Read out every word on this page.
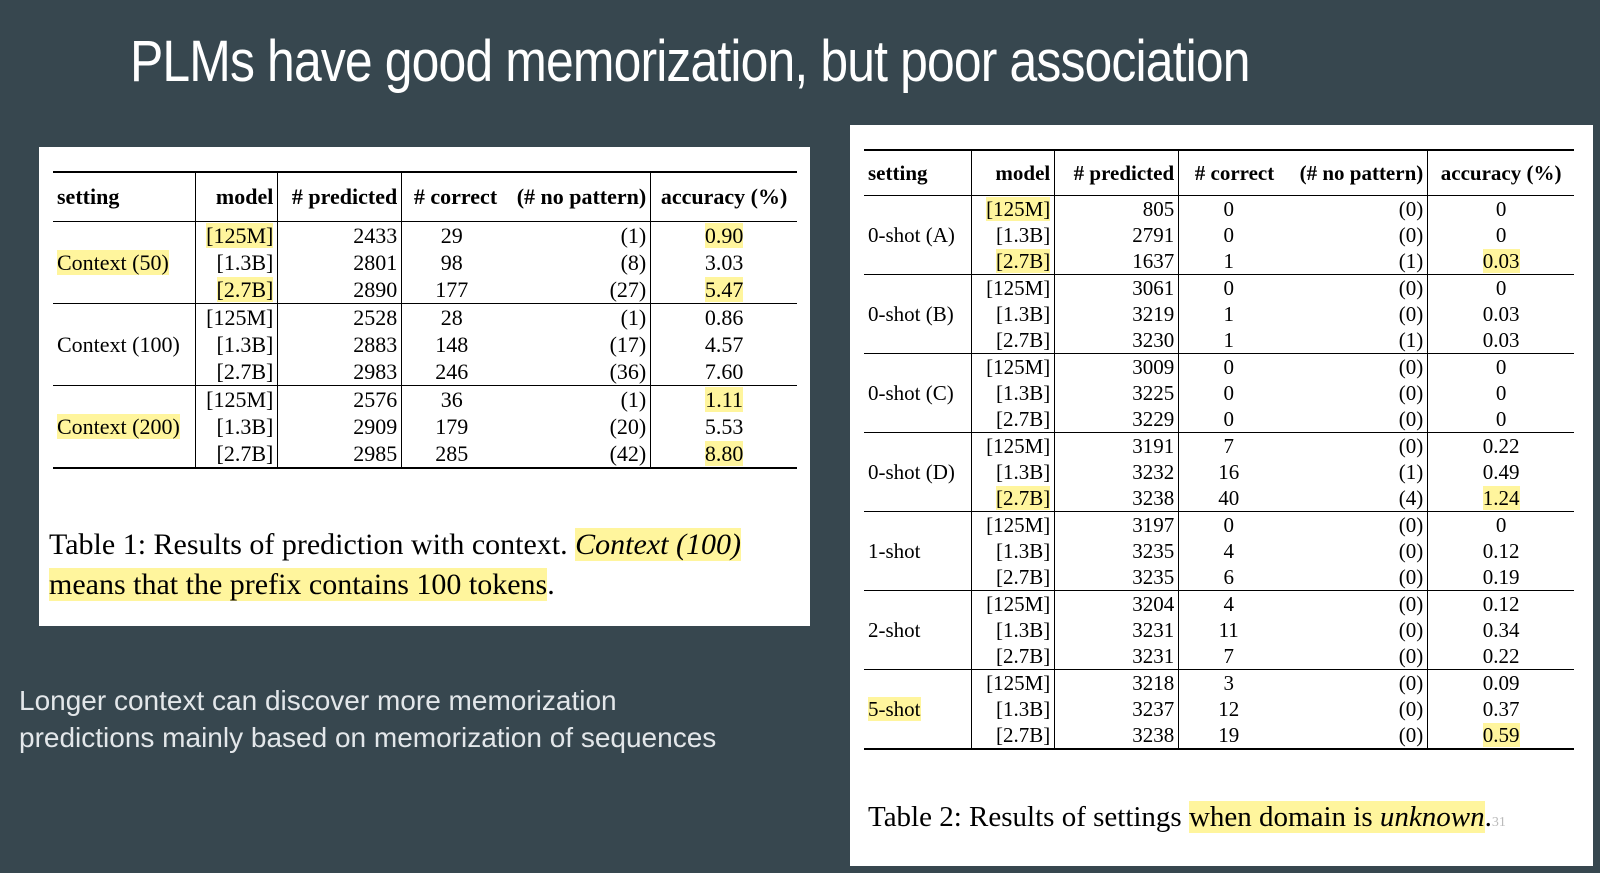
PLMs have good memorization, but poor association
setting	model	# predicted	# correct	(# no pattern)	accuracy (%)
Context (50)	[125M]	2433	29	(1)	0.90
	[1.3B]	2801	98	(8)	3.03
	[2.7B]	2890	177	(27)	5.47
Context (100)	[125M]	2528	28	(1)	0.86
	[1.3B]	2883	148	(17)	4.57
	[2.7B]	2983	246	(36)	7.60
Context (200)	[125M]	2576	36	(1)	1.11
	[1.3B]	2909	179	(20)	5.53
	[2.7B]	2985	285	(42)	8.80
Table 1: Results of prediction with context. Context (100) means that the prefix contains 100 tokens.
setting	model	# predicted	# correct	(# no pattern)	accuracy (%)
0-shot (A)	[125M]	805	0	(0)	0
	[1.3B]	2791	0	(0)	0
	[2.7B]	1637	1	(1)	0.03
0-shot (B)	[125M]	3061	0	(0)	0
	[1.3B]	3219	1	(0)	0.03
	[2.7B]	3230	1	(1)	0.03
0-shot (C)	[125M]	3009	0	(0)	0
	[1.3B]	3225	0	(0)	0
	[2.7B]	3229	0	(0)	0
0-shot (D)	[125M]	3191	7	(0)	0.22
	[1.3B]	3232	16	(1)	0.49
	[2.7B]	3238	40	(4)	1.24
1-shot	[125M]	3197	0	(0)	0
	[1.3B]	3235	4	(0)	0.12
	[2.7B]	3235	6	(0)	0.19
2-shot	[125M]	3204	4	(0)	0.12
	[1.3B]	3231	11	(0)	0.34
	[2.7B]	3231	7	(0)	0.22
5-shot	[125M]	3218	3	(0)	0.09
	[1.3B]	3237	12	(0)	0.37
	[2.7B]	3238	19	(0)	0.59
Table 2: Results of settings when domain is unknown.31
Longer context can discover more memorization predictions mainly based on memorization of sequences
